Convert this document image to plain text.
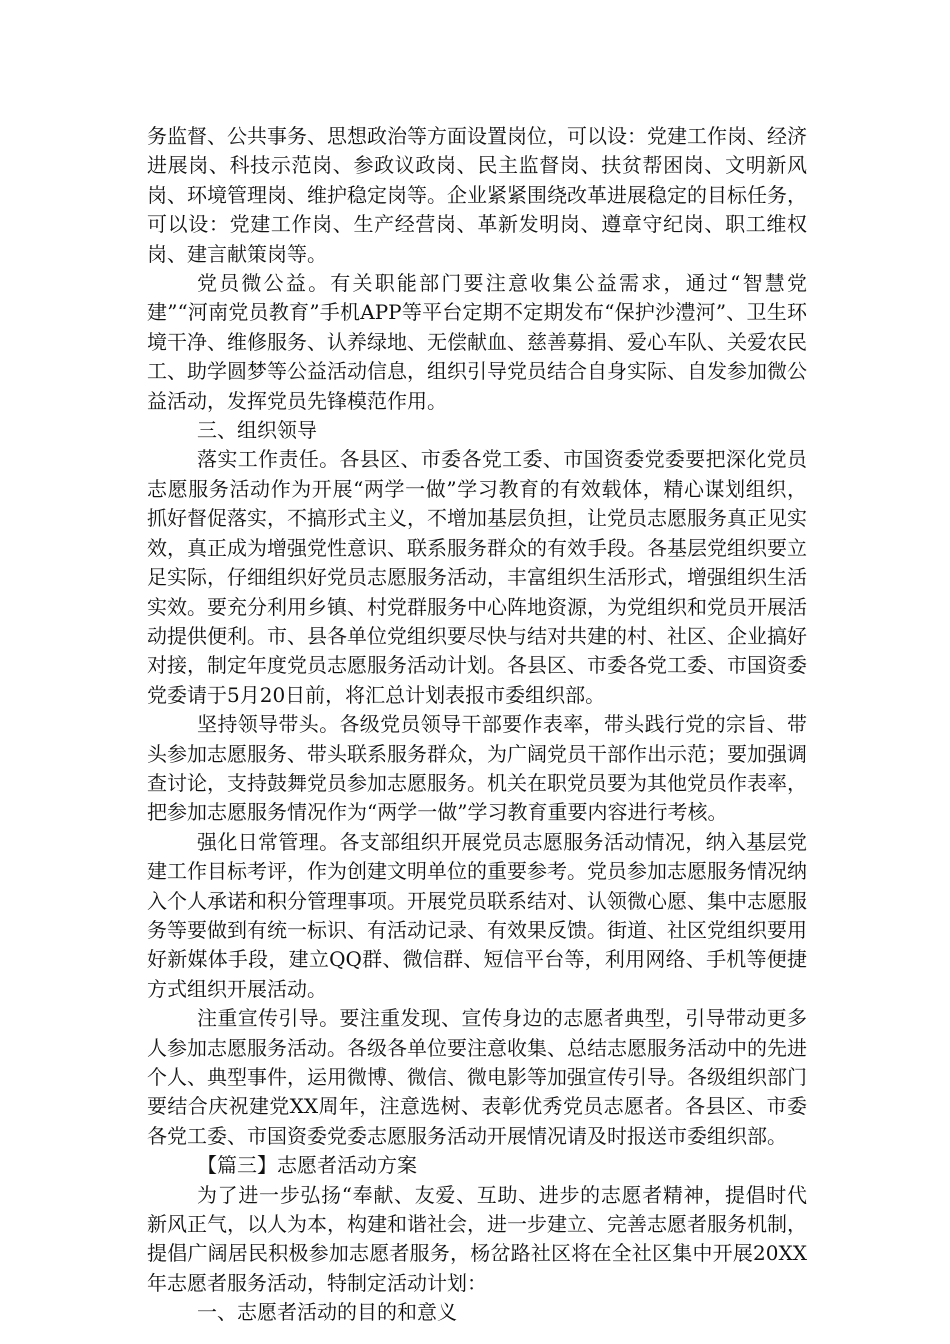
务监督、公共事务、思想政治等方面设置岗位，可以设：党建工作岗、经济进展岗、科技示范岗、参政议政岗、民主监督岗、扶贫帮困岗、文明新风岗、环境管理岗、维护稳定岗等。企业紧紧围绕改革进展稳定的目标任务，可以设：党建工作岗、生产经营岗、革新发明岗、遵章守纪岗、职工维权岗、建言献策岗等。

党员微公益。有关职能部门要注意收集公益需求，通过“智慧党建”“河南党员教育”手机APP等平台定期不定期发布“保护沙澧河”、卫生环境干净、维修服务、认养绿地、无偿献血、慈善募捐、爱心车队、关爱农民工、助学圆梦等公益活动信息，组织引导党员结合自身实际、自发参加微公益活动，发挥党员先锋模范作用。

三、组织领导

落实工作责任。各县区、市委各党工委、市国资委党委要把深化党员志愿服务活动作为开展“两学一做”学习教育的有效载体，精心谋划组织，抓好督促落实，不搞形式主义，不增加基层负担，让党员志愿服务真正见实效，真正成为增强党性意识、联系服务群众的有效手段。各基层党组织要立足实际，仔细组织好党员志愿服务活动，丰富组织生活形式，增强组织生活实效。要充分利用乡镇、村党群服务中心阵地资源，为党组织和党员开展活动提供便利。市、县各单位党组织要尽快与结对共建的村、社区、企业搞好对接，制定年度党员志愿服务活动计划。各县区、市委各党工委、市国资委党委请于5月20日前，将汇总计划表报市委组织部。

坚持领导带头。各级党员领导干部要作表率，带头践行党的宗旨、带头参加志愿服务、带头联系服务群众，为广阔党员干部作出示范；要加强调查讨论，支持鼓舞党员参加志愿服务。机关在职党员要为其他党员作表率，把参加志愿服务情况作为“两学一做”学习教育重要内容进行考核。

强化日常管理。各支部组织开展党员志愿服务活动情况，纳入基层党建工作目标考评，作为创建文明单位的重要参考。党员参加志愿服务情况纳入个人承诺和积分管理事项。开展党员联系结对、认领微心愿、集中志愿服务等要做到有统一标识、有活动记录、有效果反馈。街道、社区党组织要用好新媒体手段，建立QQ群、微信群、短信平台等，利用网络、手机等便捷方式组织开展活动。

注重宣传引导。要注重发现、宣传身边的志愿者典型，引导带动更多人参加志愿服务活动。各级各单位要注意收集、总结志愿服务活动中的先进个人、典型事件，运用微博、微信、微电影等加强宣传引导。各级组织部门要结合庆祝建党XX周年，注意选树、表彰优秀党员志愿者。各县区、市委各党工委、市国资委党委志愿服务活动开展情况请及时报送市委组织部。

【篇三】志愿者活动方案

为了进一步弘扬“奉献、友爱、互助、进步的志愿者精神，提倡时代新风正气，以人为本，构建和谐社会，进一步建立、完善志愿者服务机制，提倡广阔居民积极参加志愿者服务，杨岔路社区将在全社区集中开展20XX年志愿者服务活动，特制定活动计划：

一、志愿者活动的目的和意义
